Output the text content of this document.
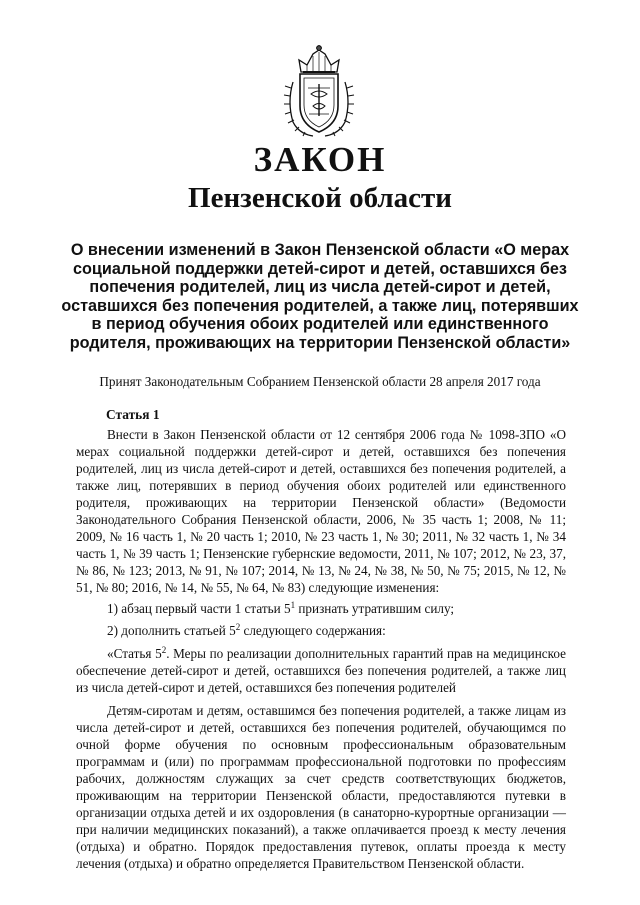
ЗАКОН
Пензенской области
О внесении изменений в Закон Пензенской области «О мерах
социальной поддержки детей-сирот и детей, оставшихся без
попечения родителей, лиц из числа детей-сирот и детей,
оставшихся без попечения родителей, а также лиц, потерявших
в период обучения обоих родителей или единственного
родителя, проживающих на территории Пензенской области»
Принят Законодательным Собранием Пензенской области 28 апреля 2017 года
Статья 1

Внести в Закон Пензенской области от 12 сентября 2006 года № 1098-ЗПО «О мерах социальной поддержки детей-сирот и детей, оставшихся без попечения родителей, лиц из числа детей-сирот и детей, оставшихся без попечения родителей, а также лиц, потерявших в период обучения обоих родителей или единственного родителя, проживающих на территории Пензенской области» (Ведомости Законодательного Собрания Пензенской области, 2006, № 35 часть 1; 2008, № 11; 2009, № 16 часть 1, № 20 часть 1; 2010, № 23 часть 1, № 30; 2011, № 32 часть 1, № 34 часть 1, № 39 часть 1; Пензенские губернские ведомости, 2011, № 107; 2012, № 23, 37, № 86, № 123; 2013, № 91, № 107; 2014, № 13, № 24, № 38, № 50, № 75; 2015, № 12, № 51, № 80; 2016, № 14, № 55, № 64, № 83) следующие изменения:

1) абзац первый части 1 статьи $5^1$ признать утратившим силу;

2) дополнить статьей $5^2$ следующего содержания:

«Статья $5^2$. Меры по реализации дополнительных гарантий прав на медицинское обеспечение детей-сирот и детей, оставшихся без попечения родителей, а также лиц из числа детей-сирот и детей, оставшихся без попечения родителей

Детям-сиротам и детям, оставшимся без попечения родителей, а также лицам из числа детей-сирот и детей, оставшихся без попечения родителей, обучающимся по очной форме обучения по основным профессиональным образовательным программам и (или) по программам профессиональной подготовки по профессиям рабочих, должностям служащих за счет средств соответствующих бюджетов, проживающим на территории Пензенской области, предоставляются путевки в организации отдыха детей и их оздоровления (в санаторно-курортные организации — при наличии медицинских показаний), а также оплачивается проезд к месту лечения (отдыха) и обратно. Порядок предоставления путевок, оплаты проезда к месту лечения (отдыха) и обратно определяется Правительством Пензенской области.
